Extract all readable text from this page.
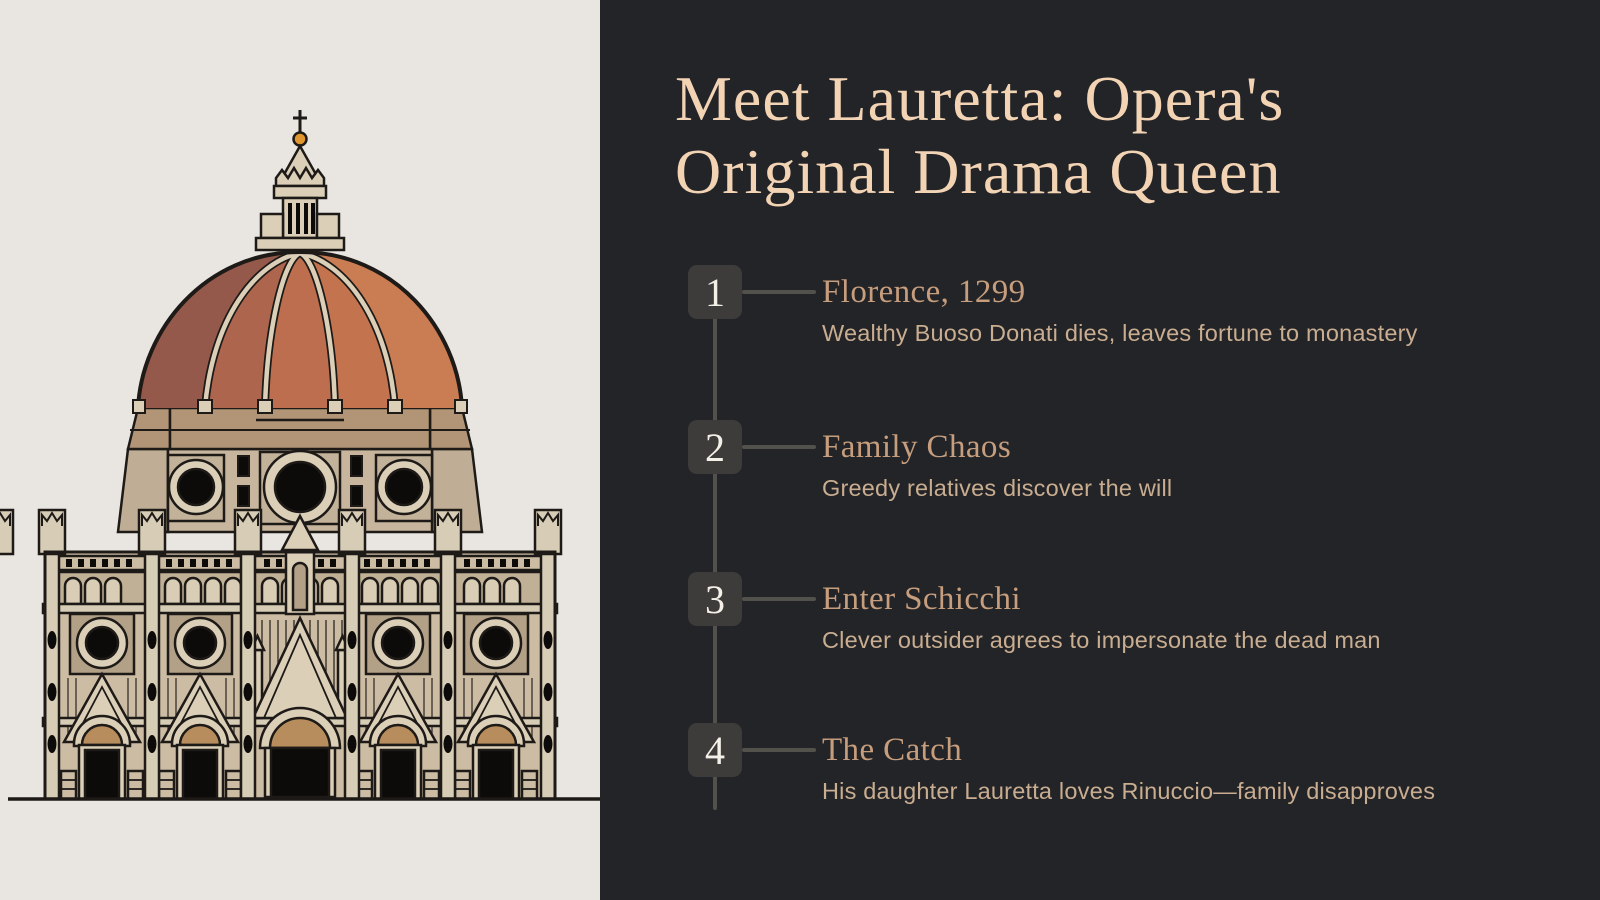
Meet Lauretta: Opera's
Original Drama Queen
1	Florence, 1299
Wealthy Buoso Donati dies, leaves fortune to monastery
2	Family Chaos
Greedy relatives discover the will
3	Enter Schicchi
Clever outsider agrees to impersonate the dead man
4	The Catch
His daughter Lauretta loves Rinuccio—family disapproves
